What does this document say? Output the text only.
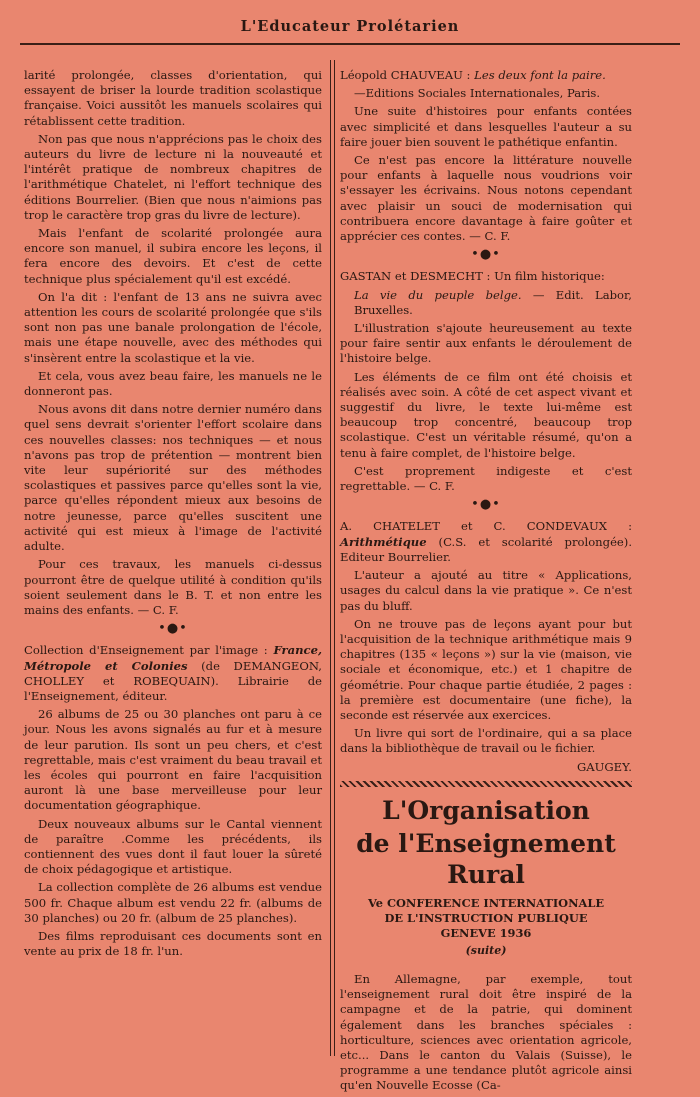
L'Educateur Prolétarien

larité prolongée, classes d'orientation, qui essayent de briser la lourde tradition scolastique française. Voici aussitôt les manuels scolaires qui rétablissent cette tradition.

Non pas que nous n'apprécions pas le choix des auteurs du livre de lecture ni la nouveauté et l'intérêt pratique de nombreux chapitres de l'arithmétique Chatelet, ni l'effort technique des éditions Bourrelier. (Bien que nous n'aimions pas trop le caractère trop gras du livre de lecture).

Mais l'enfant de scolarité prolongée aura encore son manuel, il subira encore les leçons, il fera encore des devoirs. Et c'est de cette technique plus spécialement qu'il est excédé.

On l'a dit : l'enfant de 13 ans ne suivra avec attention les cours de scolarité prolongée que s'ils sont non pas une banale prolongation de l'école, mais une étape nouvelle, avec des méthodes qui s'insèrent entre la scolastique et la vie.

Et cela, vous avez beau faire, les manuels ne le donneront pas.

Nous avons dit dans notre dernier numéro dans quel sens devrait s'orienter l'effort scolaire dans ces nouvelles classes: nos techniques — et nous n'avons pas trop de prétention — montrent bien vite leur supériorité sur des méthodes scolastiques et passives parce qu'elles sont la vie, parce qu'elles répondent mieux aux besoins de notre jeunesse, parce qu'elles suscitent une activité qui est mieux à l'image de l'activité adulte.

Pour ces travaux, les manuels ci-dessus pourront être de quelque utilité à condition qu'ils soient seulement dans le B. T. et non entre les mains des enfants. — C. F.

•●•

Collection d'Enseignement par l'image : France, Métropole et Colonies (de DEMANGEON, CHOLLEY et ROBEQUAIN). Librairie de l'Enseignement, éditeur.

26 albums de 25 ou 30 planches ont paru à ce jour. Nous les avons signalés au fur et à mesure de leur parution. Ils sont un peu chers, et c'est regrettable, mais c'est vraiment du beau travail et les écoles qui pourront en faire l'acquisition auront là une base merveilleuse pour leur documentation géographique.

Deux nouveaux albums sur le Cantal viennent de paraître .Comme les précédents, ils contiennent des vues dont il faut louer la sûreté de choix pédagogique et artistique.

La collection complète de 26 albums est vendue 500 fr. Chaque album est vendu 22 fr. (albums de 30 planches) ou 20 fr. (album de 25 planches).

Des films reproduisant ces documents sont en vente au prix de 18 fr. l'un.

Léopold CHAUVEAU : Les deux font la paire.

—Editions Sociales Internationales, Paris.

Une suite d'histoires pour enfants contées avec simplicité et dans lesquelles l'auteur a su faire jouer bien souvent le pathétique enfantin.

Ce n'est pas encore la littérature nouvelle pour enfants à laquelle nous voudrions voir s'essayer les écrivains. Nous notons cependant avec plaisir un souci de modernisation qui contribuera encore davantage à faire goûter et apprécier ces contes. — C. F.

•●•

GASTAN et DESMECHT : Un film historique:

La vie du peuple belge. — Edit. Labor, Bruxelles.

L'illustration s'ajoute heureusement au texte pour faire sentir aux enfants le déroulement de l'histoire belge.

Les éléments de ce film ont été choisis et réalisés avec soin. A côté de cet aspect vivant et suggestif du livre, le texte lui-même est beaucoup trop concentré, beaucoup trop scolastique. C'est un véritable résumé, qu'on a tenu à faire complet, de l'histoire belge.

C'est proprement indigeste et c'est regrettable. — C. F.

•●•

A. CHATELET et C. CONDEVAUX : Arithmétique (C.S. et scolarité prolongée). Editeur Bourrelier.

L'auteur a ajouté au titre « Applications, usages du calcul dans la vie pratique ». Ce n'est pas du bluff.

On ne trouve pas de leçons ayant pour but l'acquisition de la technique arithmétique mais 9 chapitres (135 « leçons ») sur la vie (maison, vie sociale et économique, etc.) et 1 chapitre de géométrie. Pour chaque partie étudiée, 2 pages : la première est documentaire (une fiche), la seconde est réservée aux exercices.

Un livre qui sort de l'ordinaire, qui a sa place dans la bibliothèque de travail ou le fichier.

GAUGEY.

L'Organisation
de l'Enseignement Rural
Ve CONFERENCE INTERNATIONALE
DE L'INSTRUCTION PUBLIQUE
GENEVE 1936
(suite)

En Allemagne, par exemple, tout l'enseignement rural doit être inspiré de la campagne et de la patrie, qui dominent également dans les branches spéciales : horticulture, sciences avec orientation agricole, etc... Dans le canton du Valais (Suisse), le programme a une tendance plutôt agricole ainsi qu'en Nouvelle Ecosse (Ca-
